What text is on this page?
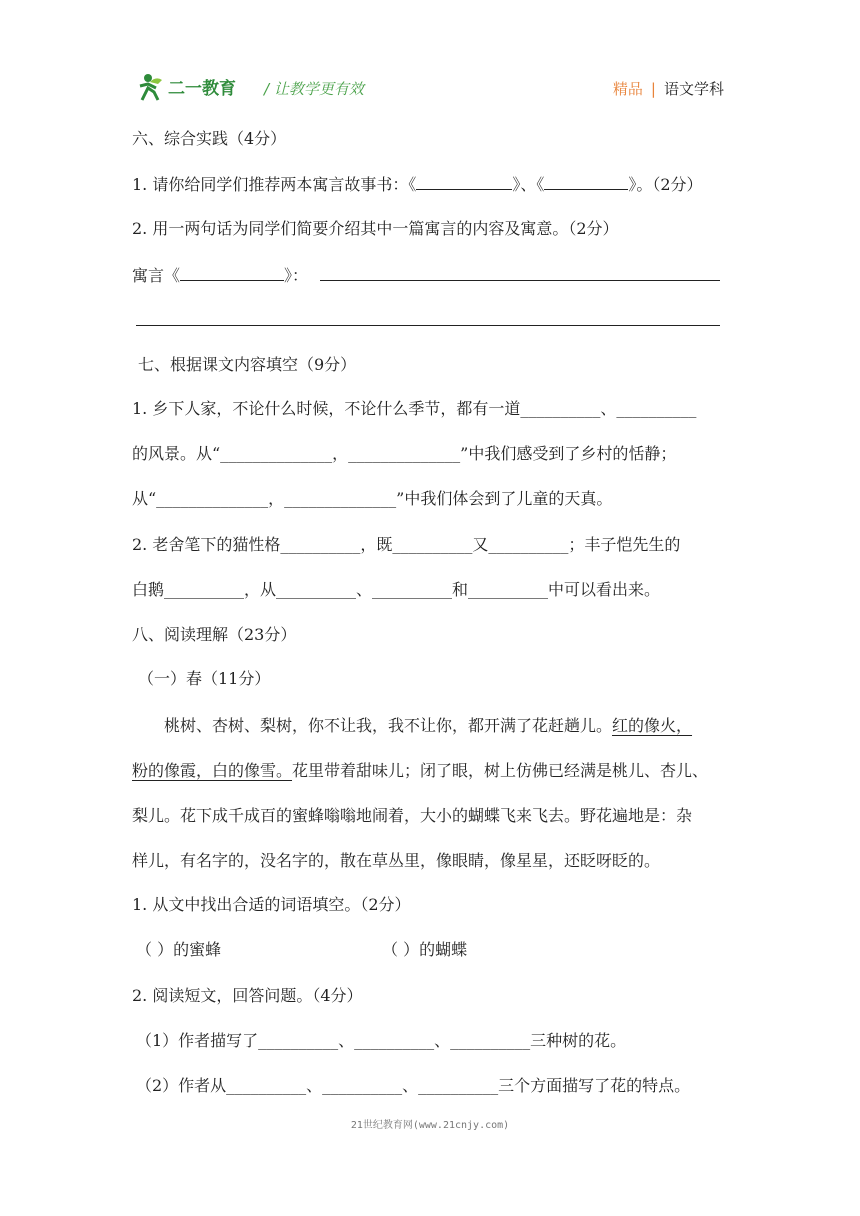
二一教育 / 让教学更有效	精品 | 语文学科
六、综合实践（4分）
1. 请你给同学们推荐两本寓言故事书：《	》、《	》。（2分）
2. 用一两句话为同学们简要介绍其中一篇寓言的内容及寓意。（2分）
寓言《	》：
七、根据课文内容填空（9分）
1. 乡下人家，不论什么时候，不论什么季节，都有一道__________、__________
的风景。从“______________，______________”中我们感受到了乡村的恬静；
从“______________，______________”中我们体会到了儿童的天真。
2. 老舍笔下的猫性格__________，既__________又__________；丰子恺先生的
白鹅__________，从__________、__________和__________中可以看出来。
八、阅读理解（23分）
（一）春（11分）
桃树、杏树、梨树，你不让我，我不让你，都开满了花赶趟儿。红的像火，
粉的像霞，白的像雪。花里带着甜味儿；闭了眼，树上仿佛已经满是桃儿、杏儿、
梨儿。花下成千成百的蜜蜂嗡嗡地闹着，大小的蝴蝶飞来飞去。野花遍地是：杂
样儿，有名字的，没名字的，散在草丛里，像眼睛，像星星，还眨呀眨的。
1. 从文中找出合适的词语填空。（2分）
（ ）的蜜蜂	（ ）的蝴蝶
2. 阅读短文，回答问题。（4分）
（1）作者描写了__________、__________、__________三种树的花。
（2）作者从__________、__________、__________三个方面描写了花的特点。
21世纪教育网(www.21cnjy.com)
